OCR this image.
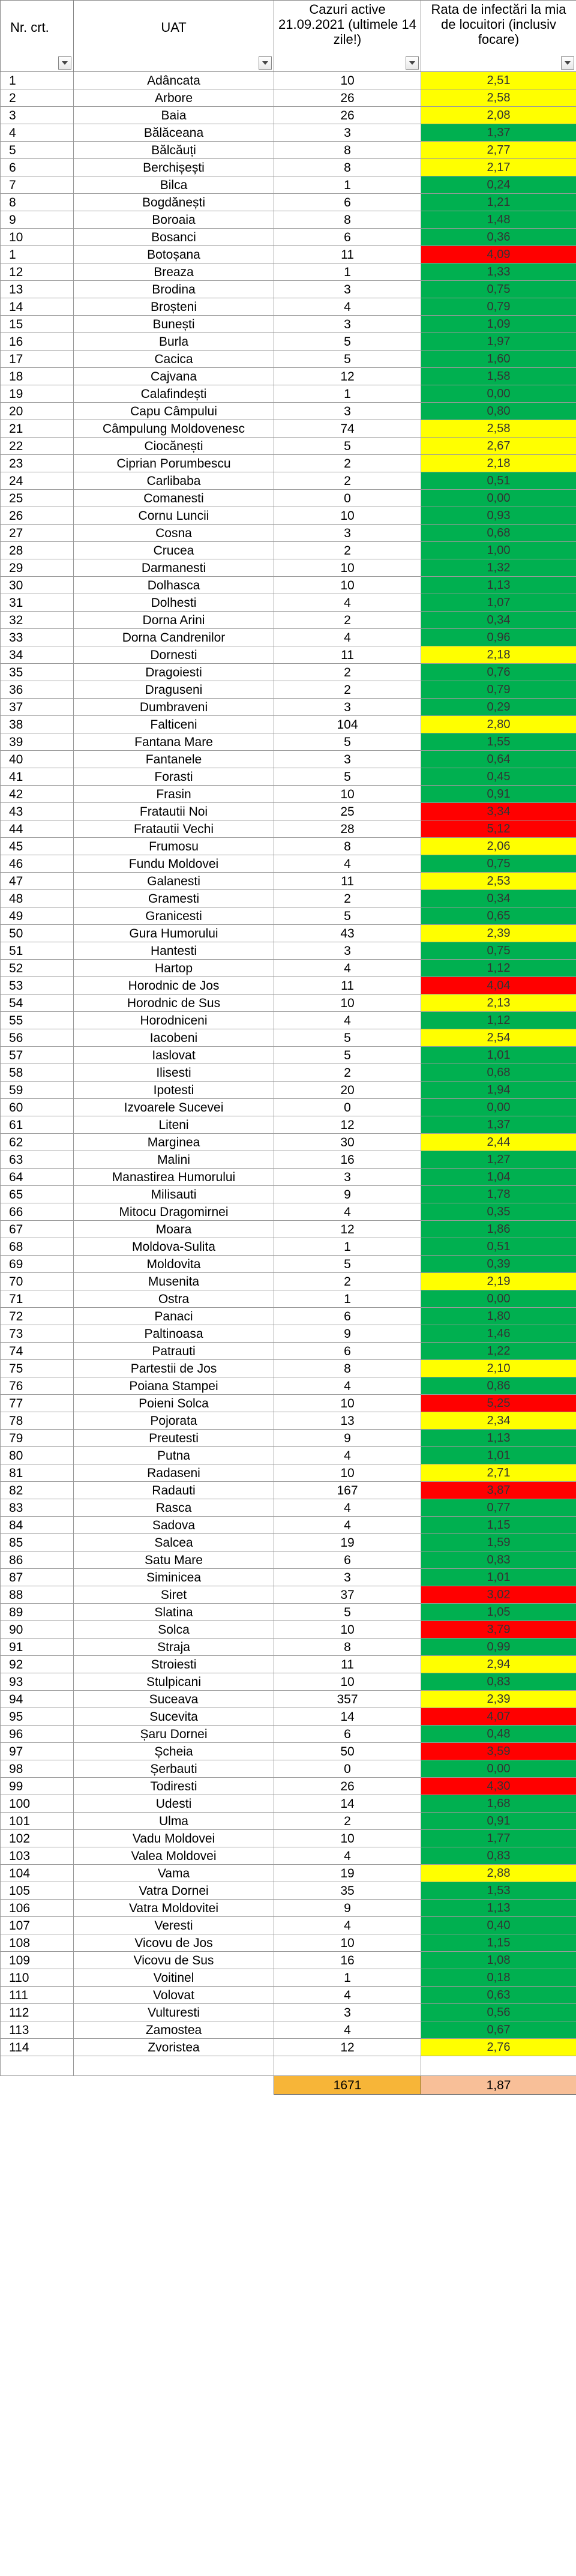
Nr. crt.	UAT	Cazuri active 21.09.2021 (ultimele 14 zile!)	Rata de infectări la mia de locuitori (inclusiv focare)

1	Adâncata	10	2,51
2	Arbore	26	2,58
3	Baia	26	2,08
4	Bălăceana	3	1,37
5	Bălcăuți	8	2,77
6	Berchișești	8	2,17
7	Bilca	1	0,24
8	Bogdănești	6	1,21
9	Boroaia	8	1,48
10	Bosanci	6	0,36
1	Botoșana	11	4,09
12	Breaza	1	1,33
13	Brodina	3	0,75
14	Broșteni	4	0,79
15	Bunești	3	1,09
16	Burla	5	1,97
17	Cacica	5	1,60
18	Cajvana	12	1,58
19	Calafindești	1	0,00
20	Capu Câmpului	3	0,80
21	Câmpulung Moldovenesc	74	2,58
22	Ciocănești	5	2,67
23	Ciprian Porumbescu	2	2,18
24	Carlibaba	2	0,51
25	Comanesti	0	0,00
26	Cornu Luncii	10	0,93
27	Cosna	3	0,68
28	Crucea	2	1,00
29	Darmanesti	10	1,32
30	Dolhasca	10	1,13
31	Dolhesti	4	1,07
32	Dorna Arini	2	0,34
33	Dorna Candrenilor	4	0,96
34	Dornesti	11	2,18
35	Dragoiesti	2	0,76
36	Draguseni	2	0,79
37	Dumbraveni	3	0,29
38	Falticeni	104	2,80
39	Fantana Mare	5	1,55
40	Fantanele	3	0,64
41	Forasti	5	0,45
42	Frasin	10	0,91
43	Fratautii Noi	25	3,34
44	Fratautii Vechi	28	5,12
45	Frumosu	8	2,06
46	Fundu Moldovei	4	0,75
47	Galanesti	11	2,53
48	Gramesti	2	0,34
49	Granicesti	5	0,65
50	Gura Humorului	43	2,39
51	Hantesti	3	0,75
52	Hartop	4	1,12
53	Horodnic de Jos	11	4,04
54	Horodnic de Sus	10	2,13
55	Horodniceni	4	1,12
56	Iacobeni	5	2,54
57	Iaslovat	5	1,01
58	Ilisesti	2	0,68
59	Ipotesti	20	1,94
60	Izvoarele Sucevei	0	0,00
61	Liteni	12	1,37
62	Marginea	30	2,44
63	Malini	16	1,27
64	Manastirea Humorului	3	1,04
65	Milisauti	9	1,78
66	Mitocu Dragomirnei	4	0,35
67	Moara	12	1,86
68	Moldova-Sulita	1	0,51
69	Moldovita	5	0,39
70	Musenita	2	2,19
71	Ostra	1	0,00
72	Panaci	6	1,80
73	Paltinoasa	9	1,46
74	Patrauti	6	1,22
75	Partestii de Jos	8	2,10
76	Poiana Stampei	4	0,86
77	Poieni Solca	10	5,25
78	Pojorata	13	2,34
79	Preutesti	9	1,13
80	Putna	4	1,01
81	Radaseni	10	2,71
82	Radauti	167	3,87
83	Rasca	4	0,77
84	Sadova	4	1,15
85	Salcea	19	1,59
86	Satu Mare	6	0,83
87	Siminicea	3	1,01
88	Siret	37	3,02
89	Slatina	5	1,05
90	Solca	10	3,79
91	Straja	8	0,99
92	Stroiesti	11	2,94
93	Stulpicani	10	0,83
94	Suceava	357	2,39
95	Sucevita	14	4,07
96	Șaru Dornei	6	0,48
97	Șcheia	50	3,59
98	Șerbauti	0	0,00
99	Todiresti	26	4,30
100	Udesti	14	1,68
101	Ulma	2	0,91
102	Vadu Moldovei	10	1,77
103	Valea Moldovei	4	0,83
104	Vama	19	2,88
105	Vatra Dornei	35	1,53
106	Vatra Moldovitei	9	1,13
107	Veresti	4	0,40
108	Vicovu de Jos	10	1,15
109	Vicovu de Sus	16	1,08
110	Voitinel	1	0,18
111	Volovat	4	0,63
112	Vulturesti	3	0,56
113	Zamostea	4	0,67
114	Zvoristea	12	2,76

		1671	1,87
